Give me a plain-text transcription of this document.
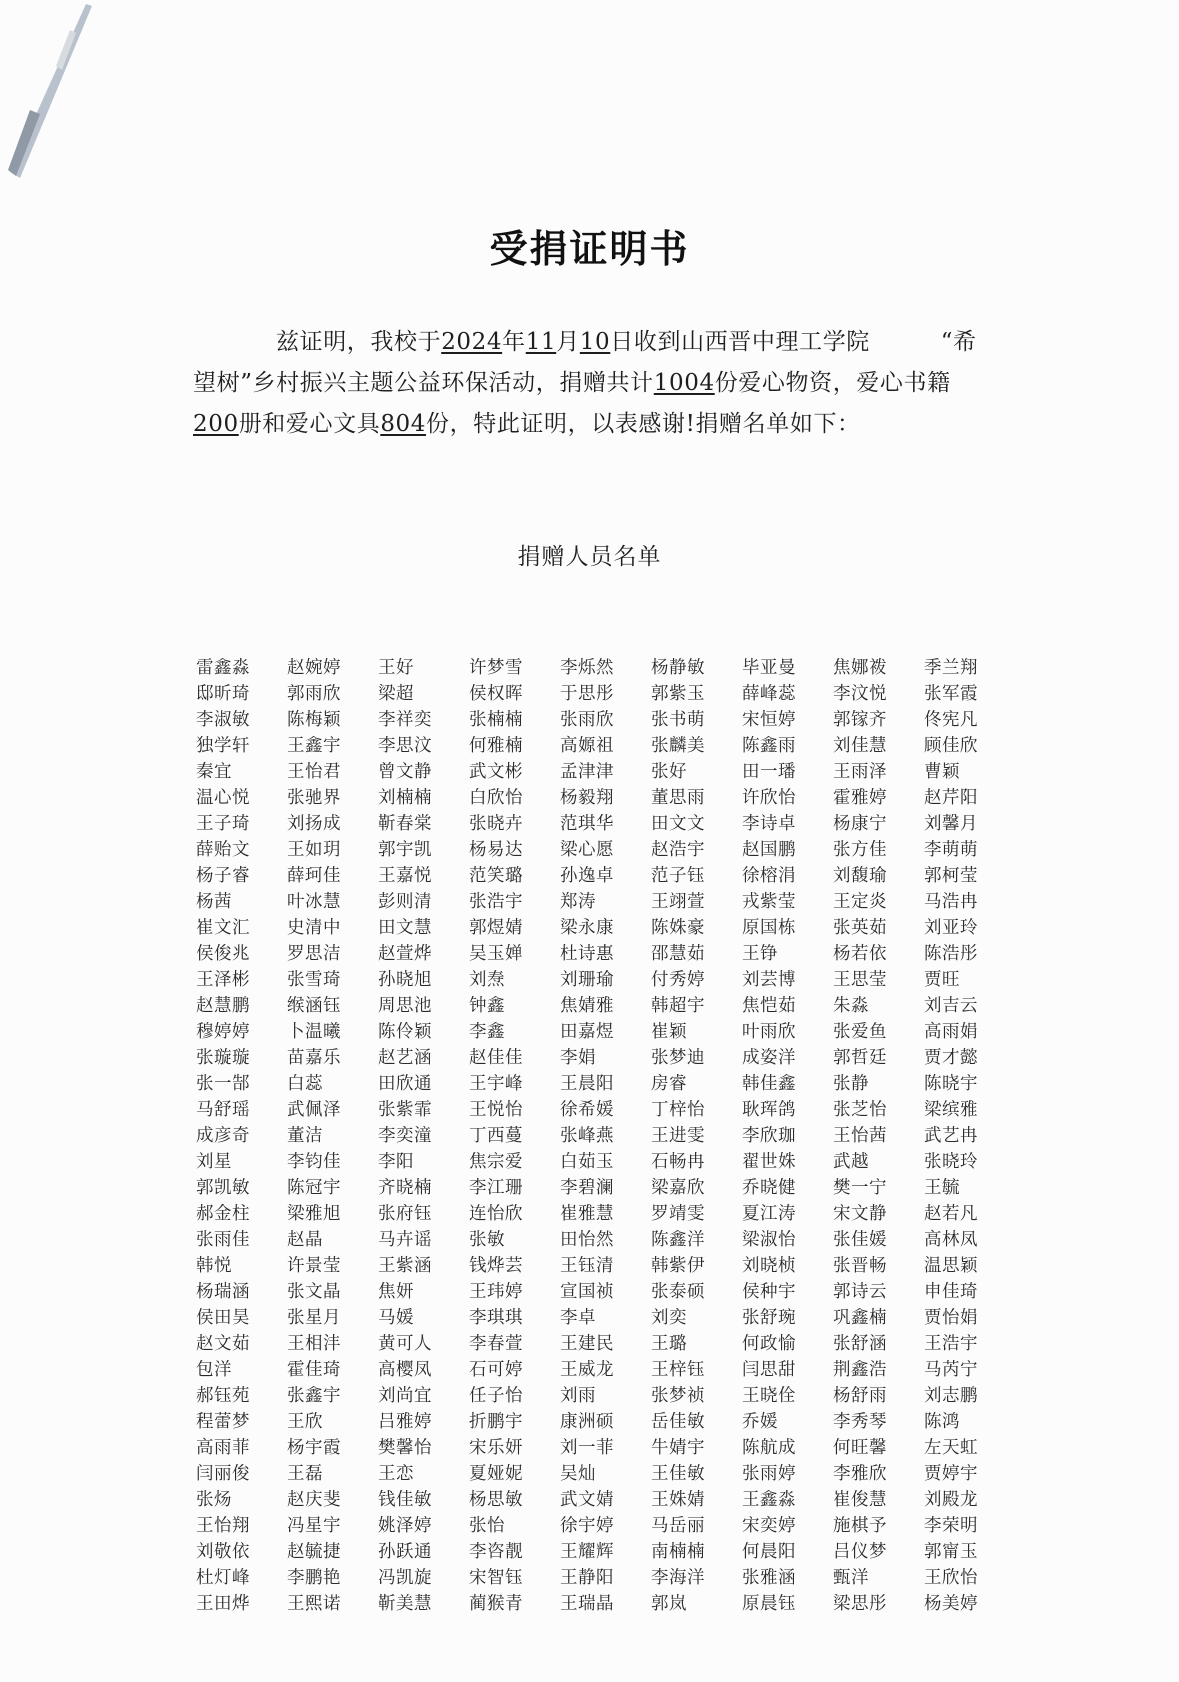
受捐证明书

兹证明，我校于2024年11月10日收到山西晋中理工学院　　　“希望树”乡村振兴主题公益环保活动，捐赠共计1004份爱心物资，爱心书籍200册和爱心文具804份，特此证明，以表感谢!捐赠名单如下：

捐赠人员名单
雷鑫淼	赵婉婷	王好	许梦雪	李烁然	杨静敏	毕亚曼	焦娜袯	季兰翔
邸昕琦	郭雨欣	梁超	侯权晖	于思彤	郭紫玉	薛峰蕊	李汶悦	张军霞
李淑敏	陈梅颖	李祥奕	张楠楠	张雨欣	张书萌	宋恒婷	郭镓齐	佟宪凡
独学轩	王鑫宇	李思汶	何雅楠	高嫄祖	张麟美	陈鑫雨	刘佳慧	顾佳欣
秦宜	王怡君	曾文静	武文彬	孟津津	张好	田一璠	王雨泽	曹颖
温心悦	张驰界	刘楠楠	白欣怡	杨毅翔	董思雨	许欣怡	霍雅婷	赵芹阳
王子琦	刘扬成	靳春棠	张晓卉	范琪华	田文文	李诗卓	杨康宁	刘馨月
薛贻文	王如玥	郭宇凯	杨易达	梁心愿	赵浩宇	赵国鹏	张方佳	李萌萌
杨子睿	薛珂佳	王嘉悦	范笑璐	孙逸卓	范子钰	徐榕涓	刘馥瑜	郭柯莹
杨茜	叶冰慧	彭则清	张浩宇	郑涛	王翊萱	戎紫莹	王定炎	马浩冉
崔文汇	史清中	田文慧	郭煜婧	梁永康	陈姝豪	原国栋	张英茹	刘亚玲
侯俊兆	罗思洁	赵萱烨	吴玉婵	杜诗惠	邵慧茹	王铮	杨若依	陈浩彤
王泽彬	张雪琦	孙晓旭	刘焘	刘珊瑜	付秀婷	刘芸博	王思莹	贾旺
赵慧鹏	缑涵钰	周思池	钟鑫	焦婧雅	韩超宇	焦恺茹	朱淼	刘吉云
穆婷婷	卜温曦	陈伶颖	李鑫	田嘉煜	崔颖	叶雨欣	张爱鱼	高雨娟
张璇璇	苗嘉乐	赵艺涵	赵佳佳	李娟	张梦迪	成姿洋	郭哲廷	贾才懿
张一郜	白蕊	田欣通	王宇峰	王晨阳	房睿	韩佳鑫	张静	陈晓宇
马舒瑶	武佩泽	张紫霏	王悦怡	徐希媛	丁梓怡	耿珲鸽	张芝怡	梁缤雅
成彦奇	董洁	李奕潼	丁西蔓	张峰燕	王进雯	李欣珈	王怡茜	武艺冉
刘星	李钧佳	李阳	焦宗爱	白茹玉	石畅冉	翟世姝	武越	张晓玲
郭凯敏	陈冠宇	齐晓楠	李江珊	李碧澜	梁嘉欣	乔晓健	樊一宁	王毓
郝金柱	梁雅旭	张府钰	连怡欣	崔雅慧	罗靖雯	夏江涛	宋文静	赵若凡
张雨佳	赵晶	马卉谣	张敏	田怡然	陈鑫洋	梁淑怡	张佳媛	高林凤
韩悦	许景莹	王紫涵	钱烨芸	王钰清	韩紫伊	刘晓桢	张晋畅	温思颖
杨瑞涵	张文晶	焦妍	王玮婷	宣国祯	张泰硕	侯种宇	郭诗云	申佳琦
侯田昊	张星月	马媛	李琪琪	李卓	刘奕	张舒琬	巩鑫楠	贾怡娟
赵文茹	王相沣	黄可人	李春萱	王建民	王璐	何政愉	张舒涵	王浩宇
包洋	霍佳琦	高樱凤	石可婷	王威龙	王梓钰	闫思甜	荆鑫浩	马芮宁
郝钰苑	张鑫宇	刘尚宜	任子怡	刘雨	张梦祯	王晓佺	杨舒雨	刘志鹏
程蕾梦	王欣	吕雅婷	折鹏宇	康洲硕	岳佳敏	乔媛	李秀琴	陈鸿
高雨菲	杨宇霞	樊馨怡	宋乐妍	刘一菲	牛婧宇	陈航成	何旺馨	左天虹
闫丽俊	王磊	王恋	夏娅妮	吴灿	王佳敏	张雨婷	李雅欣	贾婷宇
张炀	赵庆斐	钱佳敏	杨思敏	武文婧	王姝婧	王鑫淼	崔俊慧	刘殿龙
王怡翔	冯星宇	姚泽婷	张怡	徐宇婷	马岳丽	宋奕婷	施棋予	李荣明
刘敬依	赵毓捷	孙跃通	李咨靓	王耀辉	南楠楠	何晨阳	吕仪梦	郭甯玉
杜灯峰	李鹏艳	冯凯旋	宋智钰	王静阳	李海洋	张雅涵	甄洋	王欣怡
王田烨	王熙诺	靳美慧	蔺猴青	王瑞晶	郭岚	原晨钰	梁思彤	杨美婷
